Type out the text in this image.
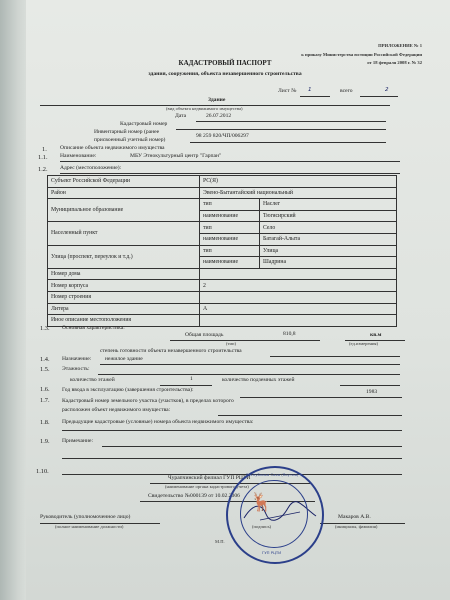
ПРИЛОЖЕНИЕ № 1
к приказу Министерства юстиции Российской Федерации
от 18 февраля 2008 г. № 32
КАДАСТРОВЫЙ ПАСПОРТ
здания, сооружения, объекта незавершенного строительства
Лист № 1	всего	2
Здание
(вид объекта недвижимого имущества)
Дата	26.07.2012
Кадастровый номер
Инвентарный номер (ранее
присвоенный учетный номер)
98 259 820/ЧП/006297
1. Описание объекта недвижимого имущества
1.1. Наименование:	МБУ Этнокультурный центр "Гарпан"
1.2. Адрес (местоположение):
Субъект Российской Федерации	РС(Я)	
Район	Эвено-Бытантайский национальный	
Муниципальное образование	тип	Наслег
	наименование	Тюгясирский
Населенный пункт	тип	Село
	наименование	Батагай-Алыта
Улица (проспект, переулок и т.д.)	тип	Улица
	наименование	Шадрина
Номер дома		
Номер корпуса	2	
Номер строения		
Литера	А	
Иное описание местоположения		
1.3. Основная характеристика:
Общая площадь	810,8
(тип)
кв.м
(ед.измерения)
степень готовности объекта незавершенного строительства
1.4. Назначение: нежилое здание
1.5. Этажность:
количество этажей	1	количество подземных этажей
1.6. Год ввода в эксплуатацию (завершения строительства):	1983
1.7. Кадастровый номер земельного участка (участков), в пределах которого
расположен объект недвижимого имущества:
1.8. Предыдущие кадастровые (условные) номера объекта недвижимого имущества:
1.9. Примечание:
1.10.
Чурапчинский филиал ГУП РЦТИ
(наименование органа кадастрового учета)
Свидетельство №000139 от 10.02.2006
Руководитель (уполномоченное лицо)
(полное наименование должности)	(подпись)
Макаров А.В.
(инициалы, фамилия)
М.П.
Республика Саха (Якутия)
ГУП РЦТИ
🦌
